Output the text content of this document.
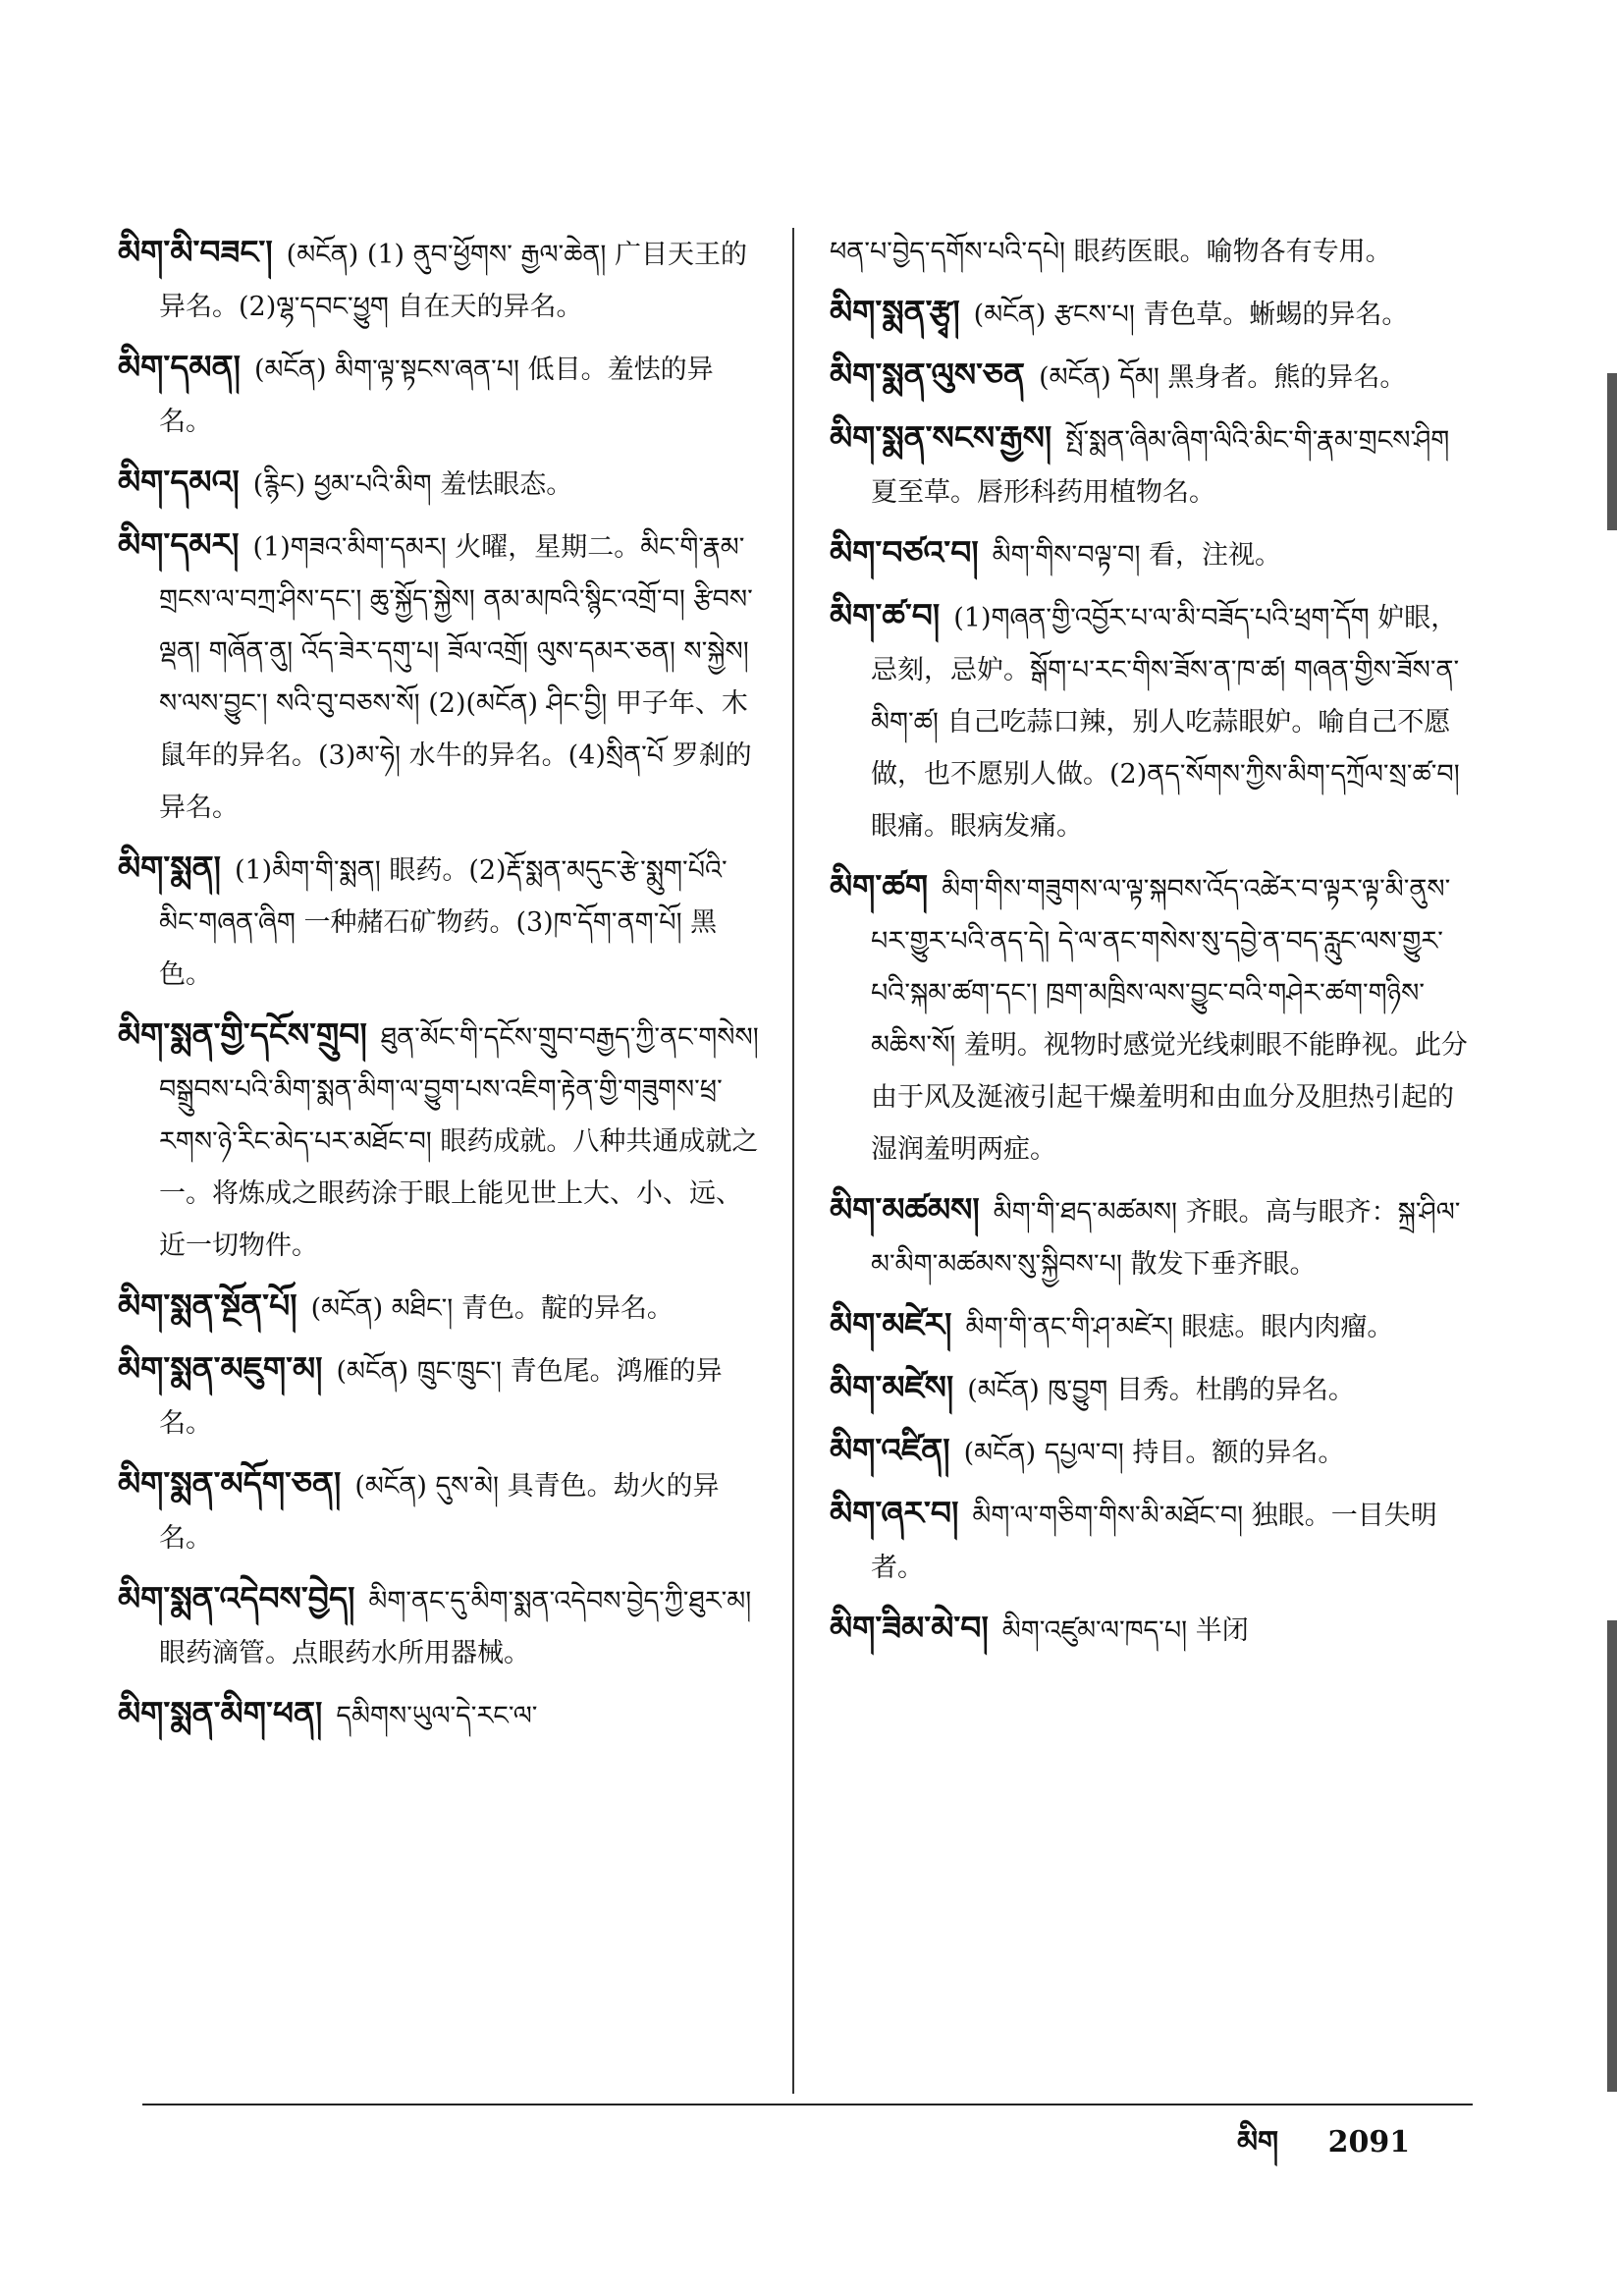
མིག་མི་བཟང་། (མངོན) (1) ནུབ་ཕྱོགས་ རྒྱལ་ཆེན། 广目天王的异名。(2)ལྷ་དབང་ཕྱུག 自在天的异名。
མིག་དམན། (མངོན) མིག་ལྟ་སྟངས་ཞན་པ། 低目。羞怯的异名。
མིག་དམའ། (རྙིང) ཕྱམ་པའི་མིག 羞怯眼态。
མིག་དམར། (1)གཟའ་མིག་དམར། 火曜，星期二。མིང་གི་རྣམ་གྲངས་ལ་བཀྲ་ཤིས་དང་། ཆུ་སྐྱོད་སྐྱེས། ནམ་མཁའི་སྙིང་འགྲོ་བ། རྩིབས་ལྡན། གཞོན་ནུ། འོད་ཟེར་དགུ་པ། ཟོལ་འགྲོ། ལུས་དམར་ཅན། ས་སྐྱེས། ས་ལས་བྱུང་། སའི་བུ་བཅས་སོ། (2)(མངོན) ཤིང་བྱི། 甲子年、木鼠年的异名。(3)མ་ཧེ། 水牛的异名。(4)སྲིན་པོ 罗刹的异名。
མིག་སྨན། (1)མིག་གི་སྨན། 眼药。(2)རྡོ་སྨན་མདུང་རྩེ་སྨུག་པོའི་མིང་གཞན་ཞིག 一种赭石矿物药。(3)ཁ་དོག་ནག་པོ། 黑色。
མིག་སྨན་གྱི་དངོས་གྲུབ། ཐུན་མོང་གི་དངོས་གྲུབ་བརྒྱད་ཀྱི་ནང་གསེས། བསྒྲུབས་པའི་མིག་སྨན་མིག་ལ་བྱུག་པས་འཇིག་རྟེན་གྱི་གཟུགས་ཕྲ་རགས་ཉེ་རིང་མེད་པར་མཐོང་བ། 眼药成就。八种共通成就之一。将炼成之眼药涂于眼上能见世上大、小、远、近一切物件。
མིག་སྨན་སྔོན་པོ། (མངོན) མཐིང་། 青色。靛的异名。
མིག་སྨན་མཇུག་མ། (མངོན) ཁྲུང་ཁྲུང་། 青色尾。鸿雁的异名。
མིག་སྨན་མདོག་ཅན། (མངོན) དུས་མེ། 具青色。劫火的异名。
མིག་སྨན་འདེབས་བྱེད། མིག་ནང་དུ་མིག་སྨན་འདེབས་བྱེད་ཀྱི་ཐུར་མ། 眼药滴管。点眼药水所用器械。
མིག་སྨན་མིག་ཕན། དམིགས་ཡུལ་དེ་རང་ལ་
ཕན་པ་བྱེད་དགོས་པའི་དཔེ། 眼药医眼。喻物各有专用。
མིག་སྨན་རྩྭ། (མངོན) རྩངས་པ། 青色草。蜥蜴的异名。
མིག་སྨན་ལུས་ཅན (མངོན) དོམ། 黑身者。熊的异名。
མིག་སྨན་སངས་རྒྱས། སྤོ་སྨན་ཞིམ་ཞིག་ལིའི་མིང་གི་རྣམ་གྲངས་ཤིག 夏至草。唇形科药用植物名。
མིག་བཙའ་བ། མིག་གིས་བལྟ་བ། 看，注视。
མིག་ཚ་བ། (1)གཞན་གྱི་འབྱོར་པ་ལ་མི་བཟོད་པའི་ཕྲག་དོག 妒眼，忌刻，忌妒。སྒོག་པ་རང་གིས་ཟོས་ན་ཁ་ཚ། གཞན་གྱིས་ཟོས་ན་མིག་ཚ། 自己吃蒜口辣，别人吃蒜眼妒。喻自己不愿做，也不愿别人做。(2)ནད་སོགས་ཀྱིས་མིག་དཀྲོལ་སྲ་ཚ་བ། 眼痛。眼病发痛。
མིག་ཚག མིག་གིས་གཟུགས་ལ་ལྟ་སྐབས་འོད་འཚེར་བ་ལྟར་ལྟ་མི་ནུས་པར་གྱུར་པའི་ནད་དེ། དེ་ལ་ནང་གསེས་སུ་དབྱེ་ན་བད་རླུང་ལས་གྱུར་པའི་སྐམ་ཚག་དང་། ཁྲག་མཁྲིས་ལས་བྱུང་བའི་གཤེར་ཚག་གཉིས་མཆིས་སོ། 羞明。视物时感觉光线刺眼不能睁视。此分由于风及涎液引起干燥羞明和由血分及胆热引起的湿润羞明两症。
མིག་མཚམས། མིག་གི་ཐད་མཚམས། 齐眼。高与眼齐：སྐྲ་ཤིལ་མ་མིག་མཚམས་སུ་སྐྱིབས་པ། 散发下垂齐眼。
མིག་མཛེར། མིག་གི་ནང་གི་ཤ་མཛེར། 眼痣。眼内肉瘤。
མིག་མཛེས། (མངོན) ཁུ་བྱུག 目秀。杜鹃的异名。
མིག་འཛིན། (མངོན) དཔྱལ་བ། 持目。额的异名。
མིག་ཞར་བ། མིག་ལ་གཅིག་གིས་མི་མཐོང་བ། 独眼。一目失明者。
མིག་ཟིམ་མེ་བ། མིག་འཛུམ་ལ་ཁད་པ། 半闭
མིག 2091
